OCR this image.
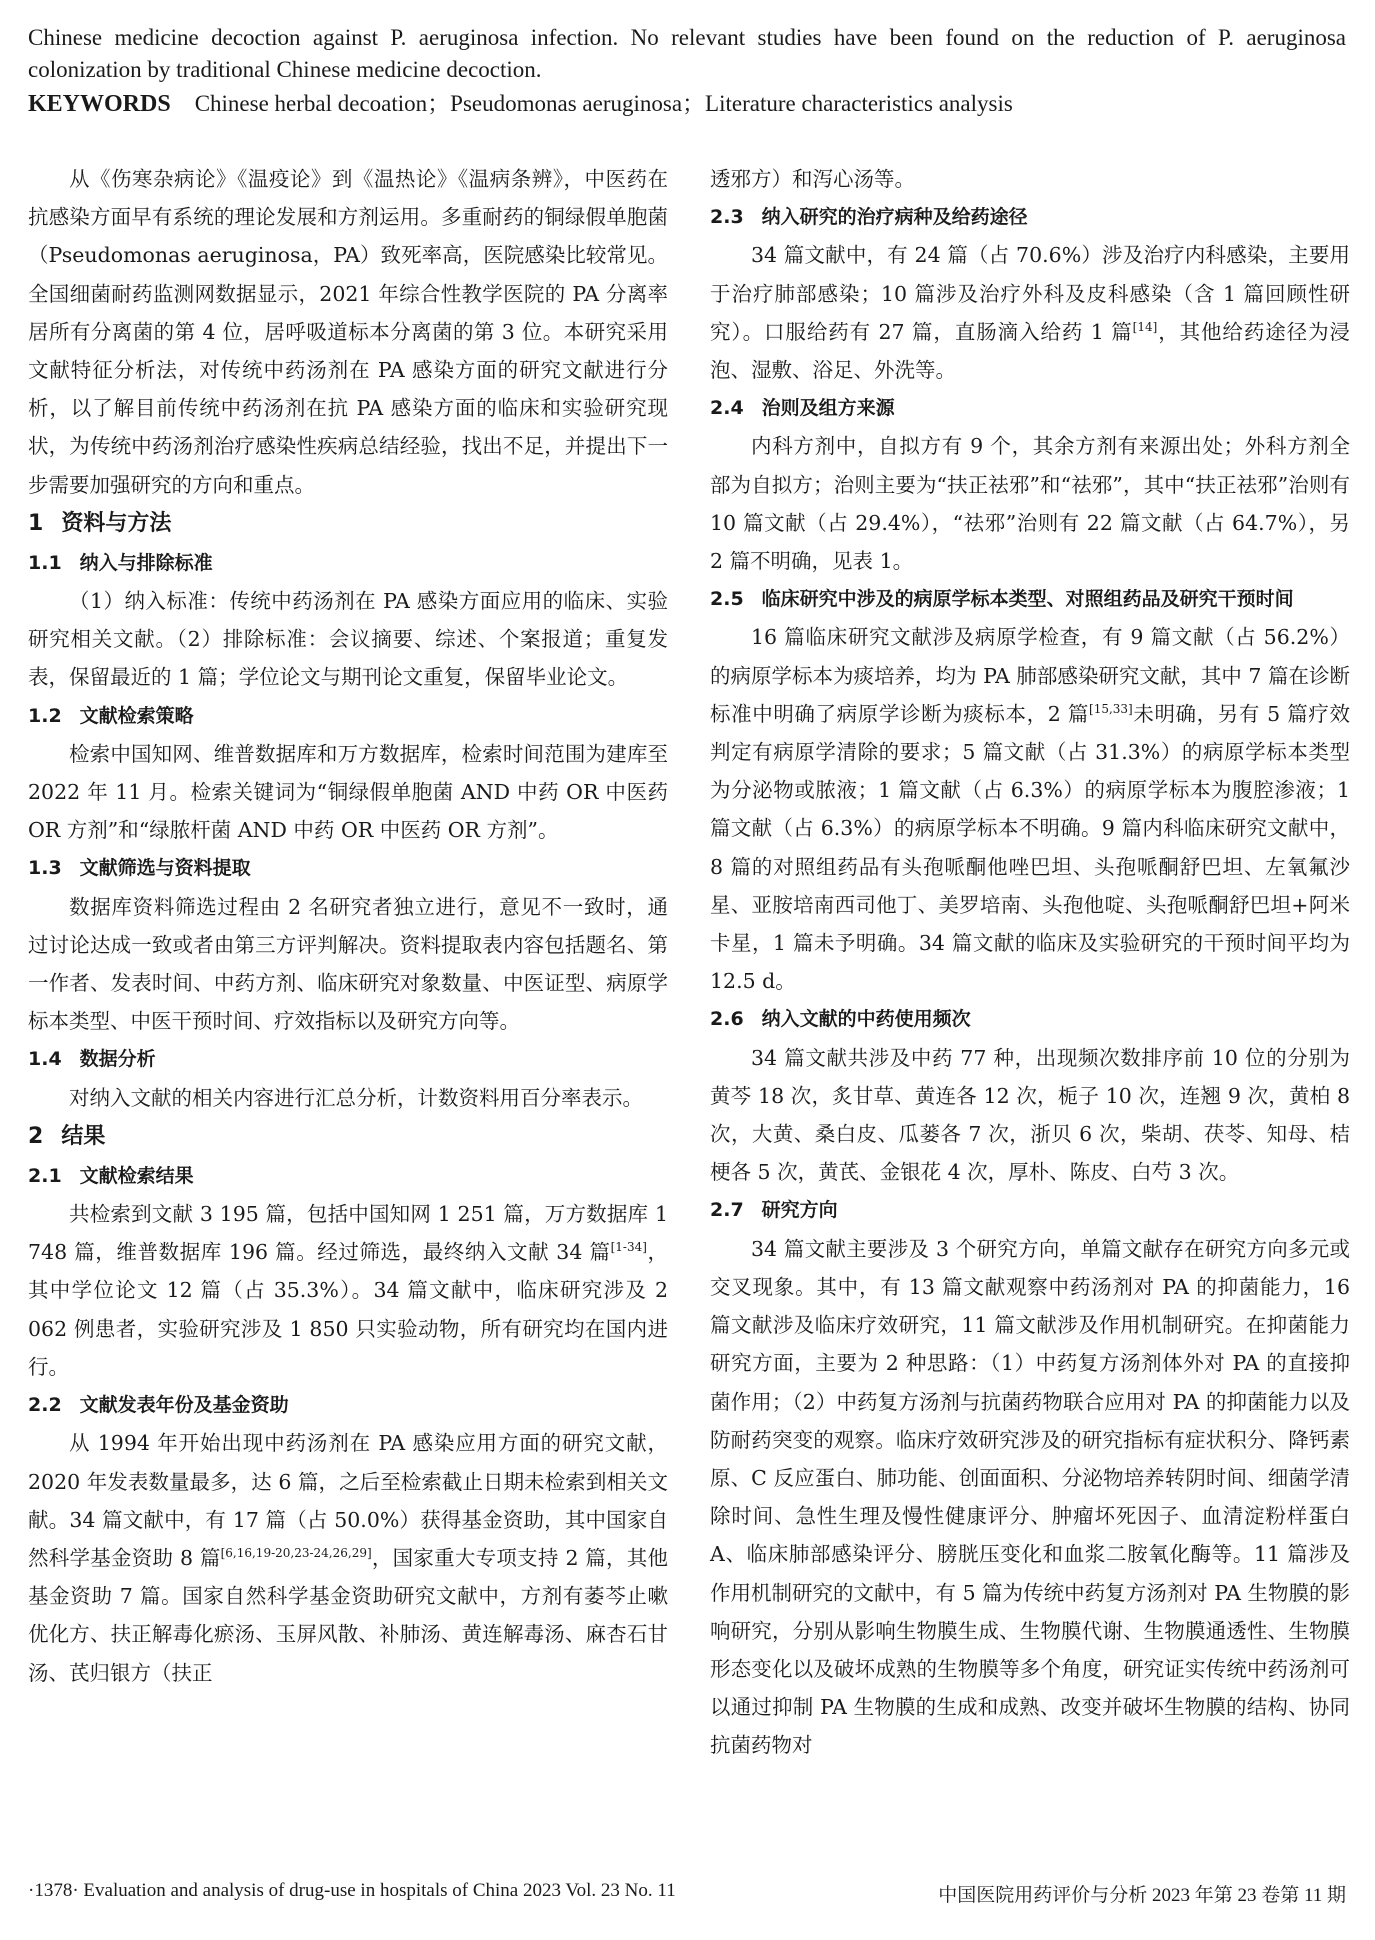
Chinese medicine decoction against P. aeruginosa infection. No relevant studies have been found on the reduction of P. aeruginosa colonization by traditional Chinese medicine decoction.

KEYWORDS Chinese herbal decoation；Pseudomonas aeruginosa；Literature characteristics analysis

从《伤寒杂病论》《温疫论》到《温热论》《温病条辨》，中医药在抗感染方面早有系统的理论发展和方剂运用。多重耐药的铜绿假单胞菌（Pseudomonas aeruginosa，PA）致死率高，医院感染比较常见。全国细菌耐药监测网数据显示，2021 年综合性教学医院的 PA 分离率居所有分离菌的第 4 位，居呼吸道标本分离菌的第 3 位。本研究采用文献特征分析法，对传统中药汤剂在 PA 感染方面的研究文献进行分析，以了解目前传统中药汤剂在抗 PA 感染方面的临床和实验研究现状，为传统中药汤剂治疗感染性疾病总结经验，找出不足，并提出下一步需要加强研究的方向和重点。

1 资料与方法
1.1 纳入与排除标准

（1）纳入标准：传统中药汤剂在 PA 感染方面应用的临床、实验研究相关文献。（2）排除标准：会议摘要、综述、个案报道；重复发表，保留最近的 1 篇；学位论文与期刊论文重复，保留毕业论文。

1.2 文献检索策略

检索中国知网、维普数据库和万方数据库，检索时间范围为建库至 2022 年 11 月。检索关键词为“铜绿假单胞菌 AND 中药 OR 中医药 OR 方剂”和“绿脓杆菌 AND 中药 OR 中医药 OR 方剂”。

1.3 文献筛选与资料提取

数据库资料筛选过程由 2 名研究者独立进行，意见不一致时，通过讨论达成一致或者由第三方评判解决。资料提取表内容包括题名、第一作者、发表时间、中药方剂、临床研究对象数量、中医证型、病原学标本类型、中医干预时间、疗效指标以及研究方向等。

1.4 数据分析

对纳入文献的相关内容进行汇总分析，计数资料用百分率表示。

2 结果
2.1 文献检索结果

共检索到文献 3 195 篇，包括中国知网 1 251 篇，万方数据库 1 748 篇，维普数据库 196 篇。经过筛选，最终纳入文献 34 篇[1-34]，其中学位论文 12 篇（占 35.3%）。34 篇文献中，临床研究涉及 2 062 例患者，实验研究涉及 1 850 只实验动物，所有研究均在国内进行。

2.2 文献发表年份及基金资助

从 1994 年开始出现中药汤剂在 PA 感染应用方面的研究文献，2020 年发表数量最多，达 6 篇，之后至检索截止日期未检索到相关文献。34 篇文献中，有 17 篇（占 50.0%）获得基金资助，其中国家自然科学基金资助 8 篇[6,16,19-20,23-24,26,29]，国家重大专项支持 2 篇，其他基金资助 7 篇。国家自然科学基金资助研究文献中，方剂有萎芩止嗽优化方、扶正解毒化瘀汤、玉屏风散、补肺汤、黄连解毒汤、麻杏石甘汤、芪归银方（扶正

透邪方）和泻心汤等。

2.3 纳入研究的治疗病种及给药途径

34 篇文献中，有 24 篇（占 70.6%）涉及治疗内科感染，主要用于治疗肺部感染；10 篇涉及治疗外科及皮科感染（含 1 篇回顾性研究）。口服给药有 27 篇，直肠滴入给药 1 篇[14]，其他给药途径为浸泡、湿敷、浴足、外洗等。

2.4 治则及组方来源

内科方剂中，自拟方有 9 个，其余方剂有来源出处；外科方剂全部为自拟方；治则主要为“扶正祛邪”和“祛邪”，其中“扶正祛邪”治则有 10 篇文献（占 29.4%），“祛邪”治则有 22 篇文献（占 64.7%），另 2 篇不明确，见表 1。

2.5 临床研究中涉及的病原学标本类型、对照组药品及研究干预时间

16 篇临床研究文献涉及病原学检查，有 9 篇文献（占 56.2%）的病原学标本为痰培养，均为 PA 肺部感染研究文献，其中 7 篇在诊断标准中明确了病原学诊断为痰标本，2 篇[15,33]未明确，另有 5 篇疗效判定有病原学清除的要求；5 篇文献（占 31.3%）的病原学标本类型为分泌物或脓液；1 篇文献（占 6.3%）的病原学标本为腹腔渗液；1 篇文献（占 6.3%）的病原学标本不明确。9 篇内科临床研究文献中，8 篇的对照组药品有头孢哌酮他唑巴坦、头孢哌酮舒巴坦、左氧氟沙星、亚胺培南西司他丁、美罗培南、头孢他啶、头孢哌酮舒巴坦+阿米卡星，1 篇未予明确。34 篇文献的临床及实验研究的干预时间平均为 12.5 d。

2.6 纳入文献的中药使用频次

34 篇文献共涉及中药 77 种，出现频次数排序前 10 位的分别为黄芩 18 次，炙甘草、黄连各 12 次，栀子 10 次，连翘 9 次，黄柏 8 次，大黄、桑白皮、瓜蒌各 7 次，浙贝 6 次，柴胡、茯苓、知母、桔梗各 5 次，黄芪、金银花 4 次，厚朴、陈皮、白芍 3 次。

2.7 研究方向

34 篇文献主要涉及 3 个研究方向，单篇文献存在研究方向多元或交叉现象。其中，有 13 篇文献观察中药汤剂对 PA 的抑菌能力，16 篇文献涉及临床疗效研究，11 篇文献涉及作用机制研究。在抑菌能力研究方面，主要为 2 种思路：（1）中药复方汤剂体外对 PA 的直接抑菌作用；（2）中药复方汤剂与抗菌药物联合应用对 PA 的抑菌能力以及防耐药突变的观察。临床疗效研究涉及的研究指标有症状积分、降钙素原、C 反应蛋白、肺功能、创面面积、分泌物培养转阴时间、细菌学清除时间、急性生理及慢性健康评分、肿瘤坏死因子、血清淀粉样蛋白 A、临床肺部感染评分、膀胱压变化和血浆二胺氧化酶等。11 篇涉及作用机制研究的文献中，有 5 篇为传统中药复方汤剂对 PA 生物膜的影响研究，分别从影响生物膜生成、生物膜代谢、生物膜通透性、生物膜形态变化以及破坏成熟的生物膜等多个角度，研究证实传统中药汤剂可以通过抑制 PA 生物膜的生成和成熟、改变并破坏生物膜的结构、协同抗菌药物对

·1378· Evaluation and analysis of drug-use in hospitals of China 2023 Vol. 23 No. 11	中国医院用药评价与分析 2023 年第 23 卷第 11 期
